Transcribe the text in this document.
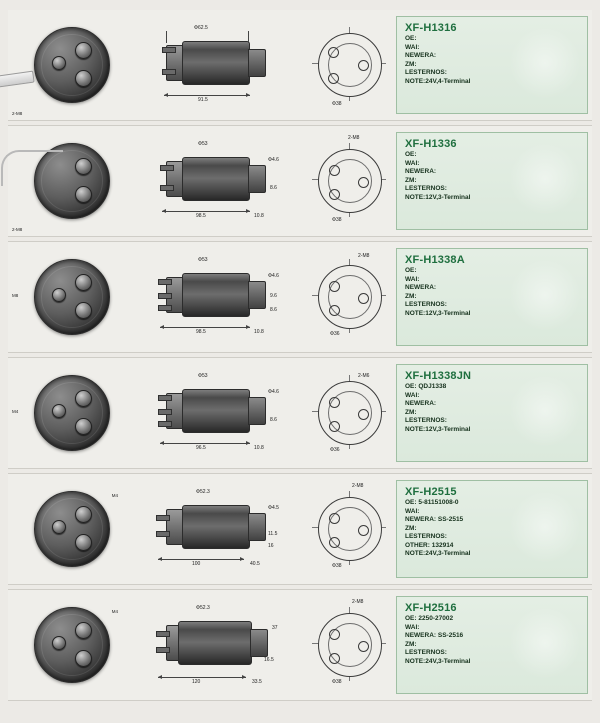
2-M8
Φ62.5
91.5
Φ38
XF-H1316
OE:
WAI:
NEWERA:
ZM:
LESTERNOS:
NOTE:24V,4-Terminal
2-M8
Φ53
Φ4.6
8.6
98.5	10.8
2-M8
Φ38
XF-H1336
OE:
WAI:
NEWERA:
ZM:
LESTERNOS:
NOTE:12V,3-Terminal
M8
Φ53
Φ4.6
9.6
8.6
98.5	10.8
2-M8
Φ36
XF-H1338A
OE:
WAI:
NEWERA:
ZM:
LESTERNOS:
NOTE:12V,3-Terminal
M4
Φ53
Φ4.6
8.6
96.5	10.8
2-M6
Φ36
XF-H1338JN
OE: QDJ1338
WAI:
NEWERA:
ZM:
LESTERNOS:
NOTE:12V,3-Terminal
M4
Φ52.3
Φ4.5
11.5
16
100	40.5
2-M8
Φ38
XF-H2515
OE: 5-81151008-0
WAI:
NEWERA: SS-2515
ZM:
LESTERNOS:
OTHER: 132914
NOTE:24V,3-Terminal
M4
Φ52.3
37
16.5
120	33.5
2-M8
Φ38
XF-H2516
OE: 2250-27002
WAI:
NEWERA: SS-2516
ZM:
LESTERNOS:
NOTE:24V,3-Terminal
